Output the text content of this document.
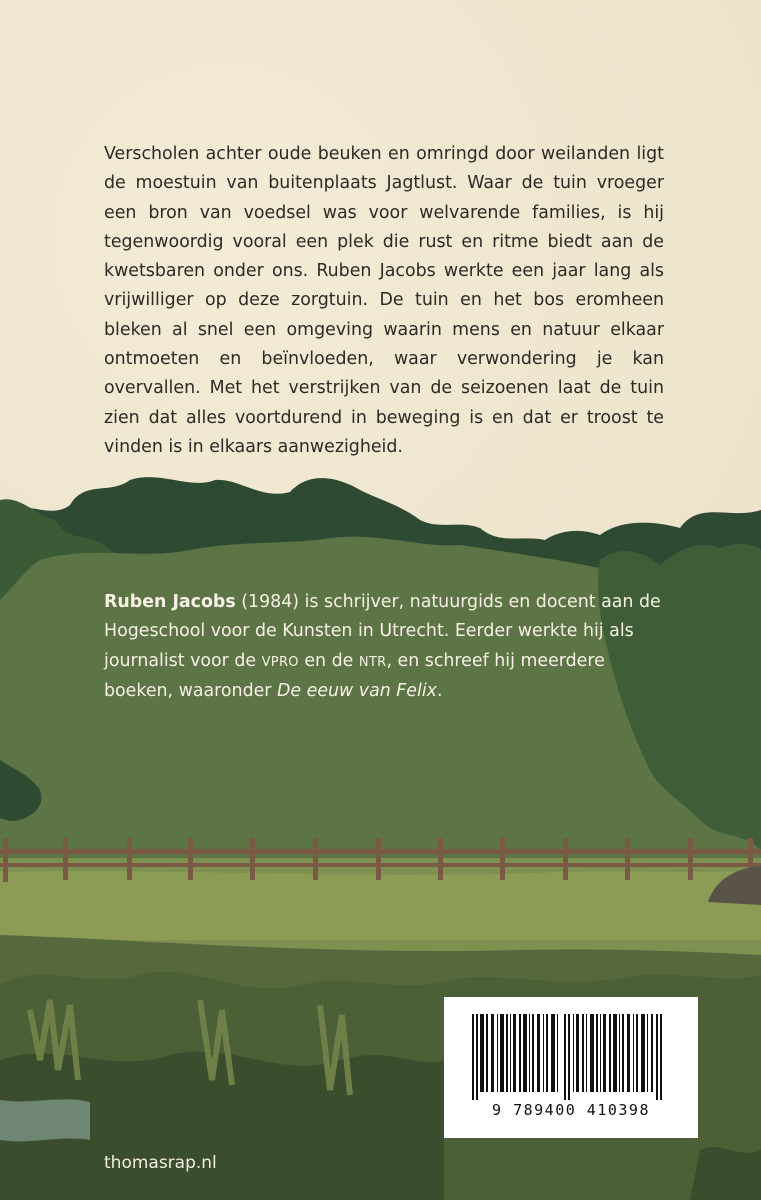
Verscholen achter oude beuken en omringd door weilanden ligt de moestuin van buitenplaats Jagtlust. Waar de tuin vroeger een bron van voedsel was voor welvarende families, is hij tegenwoordig vooral een plek die rust en ritme biedt aan de kwetsbaren onder ons. Ruben Jacobs werkte een jaar lang als vrijwilliger op deze zorgtuin. De tuin en het bos eromheen bleken al snel een omgeving waarin mens en natuur elkaar ontmoeten en beïnvloeden, waar verwondering je kan overvallen. Met het verstrijken van de seizoenen laat de tuin zien dat alles voortdurend in beweging is en dat er troost te vinden is in elkaars aanwezigheid.

Ruben Jacobs (1984) is schrijver, natuurgids en docent aan de Hogeschool voor de Kunsten in Utrecht. Eerder werkte hij als journalist voor de VPRO en de NTR, en schreef hij meerdere boeken, waaronder De eeuw van Felix.

thomasrap.nl

9 789400 410398
